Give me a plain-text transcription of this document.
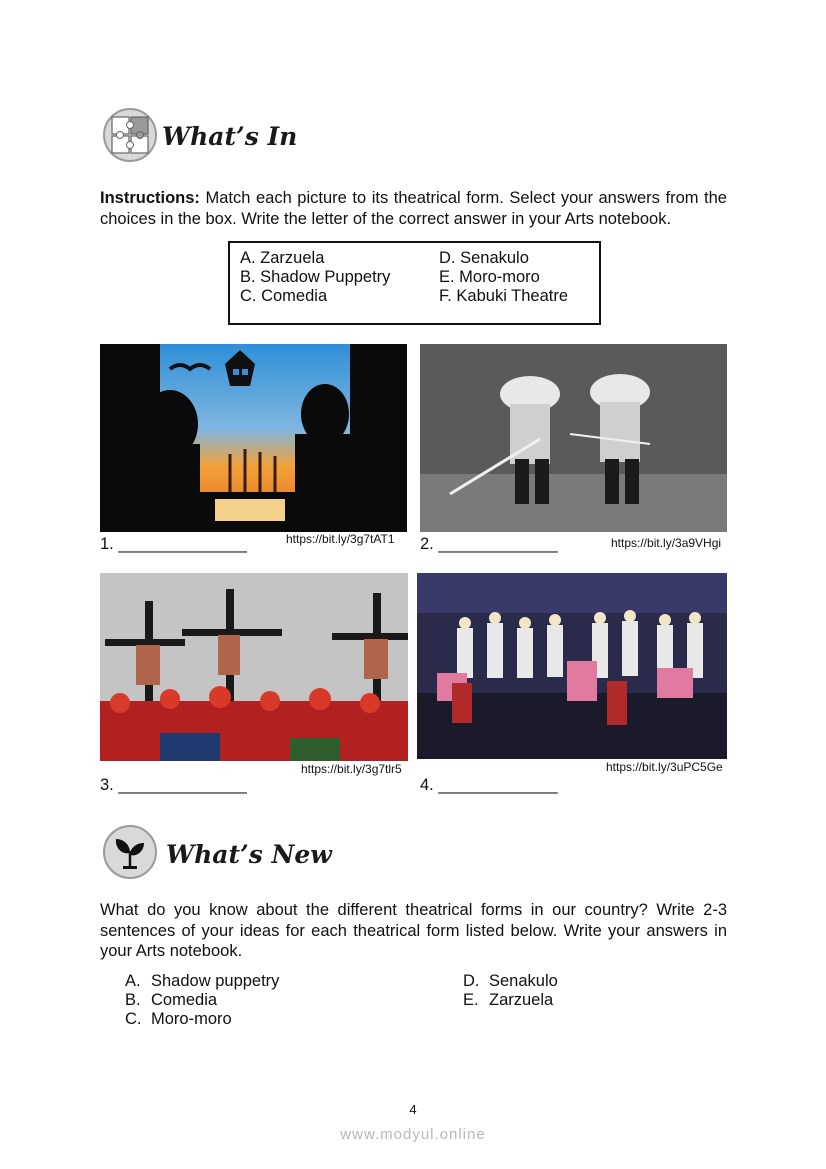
What’s In
Instructions: Match each picture to its theatrical form. Select your answers from the choices in the box. Write the letter of the correct answer in your Arts notebook.
A. Zarzuela
B. Shadow Puppetry
C. Comedia
D. Senakulo
E. Moro-moro
F. Kabuki Theatre
1. ______________	https://bit.ly/3g7tAT1 2. _____________	https://bit.ly/3a9VHgi
https://bit.ly/3g7tlr5
3. ______________
https://bit.ly/3uPC5Ge
4. _____________
What’s New
What do you know about the different theatrical forms in our country? Write 2-3 sentences of your ideas for each theatrical form listed below. Write your answers in your Arts notebook.
A. Shadow puppetry
B. Comedia
C. Moro-moro
D. Senakulo
E. Zarzuela
4
www.modyul.online
